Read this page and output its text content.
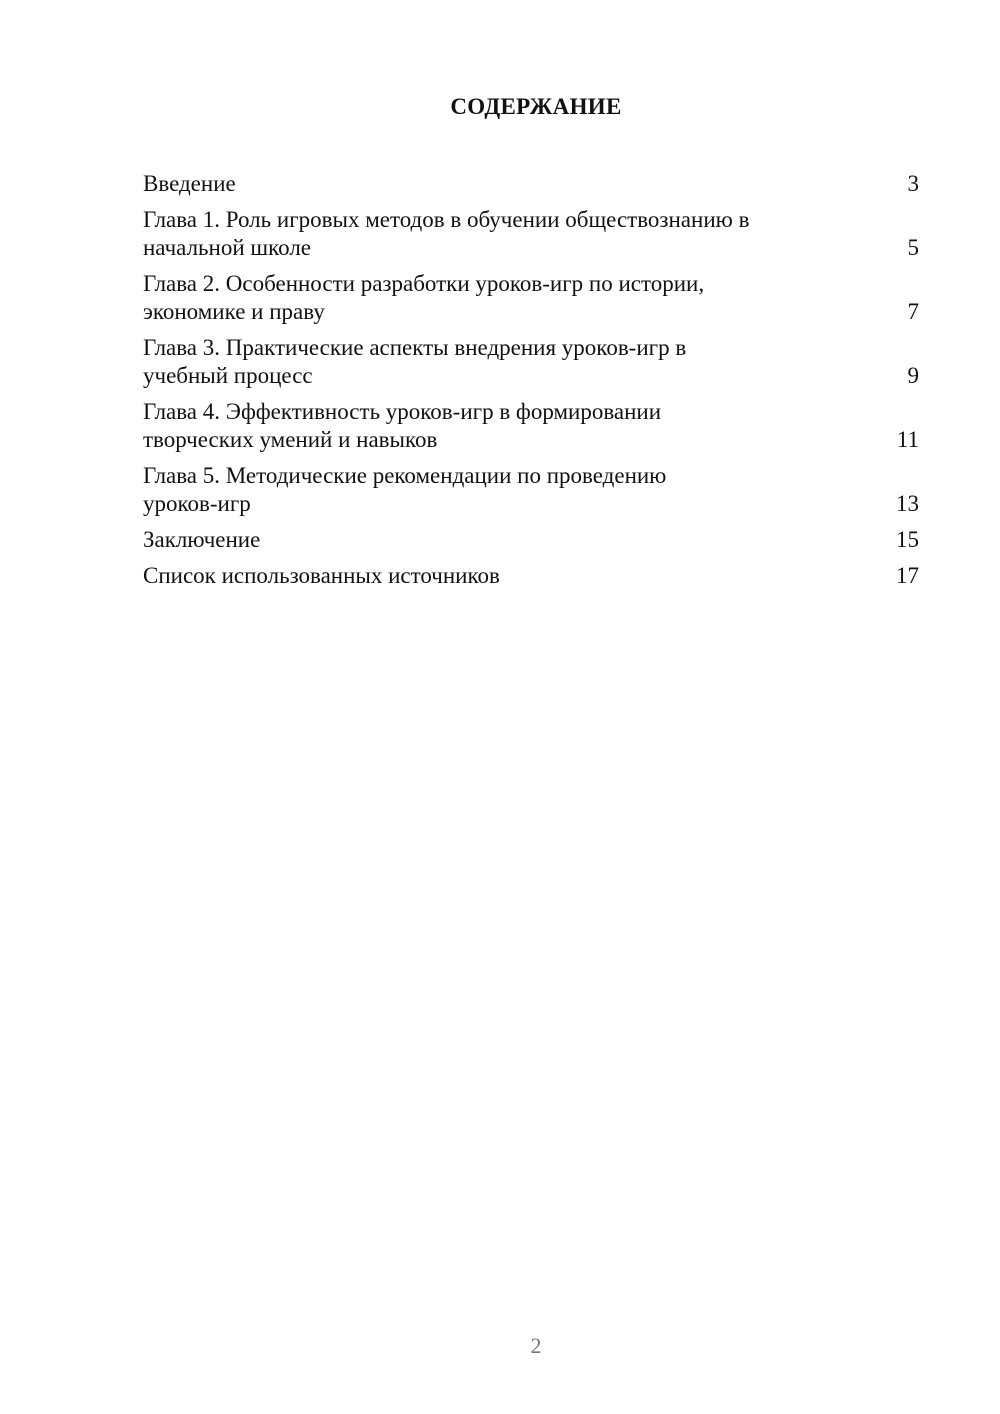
СОДЕРЖАНИЕ
Введение	3
Глава 1. Роль игровых методов в обучении обществознанию в
начальной школе	5
Глава 2. Особенности разработки уроков-игр по истории,
экономике и праву	7
Глава 3. Практические аспекты внедрения уроков-игр в
учебный процесс	9
Глава 4. Эффективность уроков-игр в формировании
творческих умений и навыков	11
Глава 5. Методические рекомендации по проведению
уроков-игр	13
Заключение	15
Список использованных источников	17
2
